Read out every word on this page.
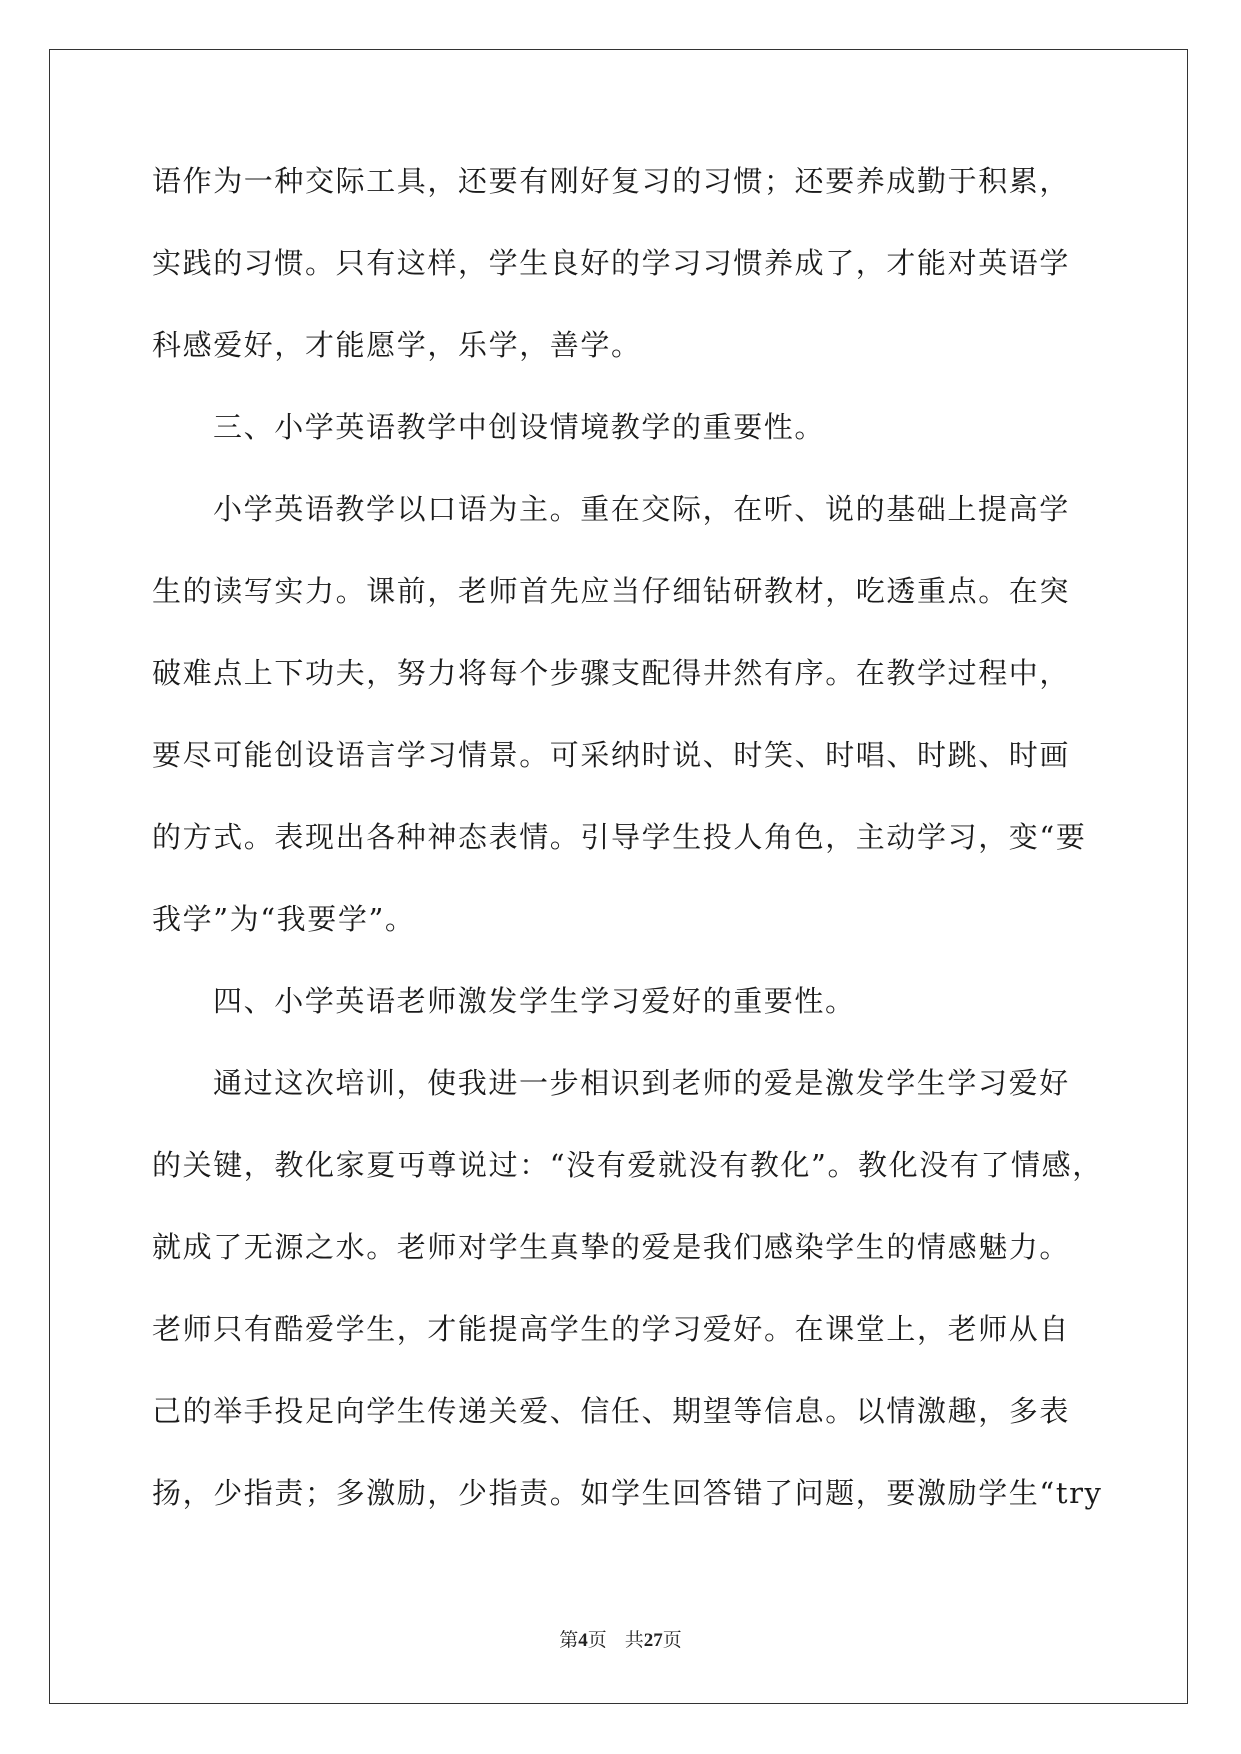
语作为一种交际工具，还要有刚好复习的习惯；还要养成勤于积累，
实践的习惯。只有这样，学生良好的学习习惯养成了，才能对英语学
科感爱好，才能愿学，乐学，善学。
三、小学英语教学中创设情境教学的重要性。
小学英语教学以口语为主。重在交际，在听、说的基础上提高学
生的读写实力。课前，老师首先应当仔细钻研教材，吃透重点。在突
破难点上下功夫，努力将每个步骤支配得井然有序。在教学过程中，
要尽可能创设语言学习情景。可采纳时说、时笑、时唱、时跳、时画
的方式。表现出各种神态表情。引导学生投人角色，主动学习，变“要
我学”为“我要学”。
四、小学英语老师激发学生学习爱好的重要性。
通过这次培训，使我进一步相识到老师的爱是激发学生学习爱好
的关键，教化家夏丏尊说过：“没有爱就没有教化”。教化没有了情感，
就成了无源之水。老师对学生真挚的爱是我们感染学生的情感魅力。
老师只有酷爱学生，才能提高学生的学习爱好。在课堂上，老师从自
己的举手投足向学生传递关爱、信任、期望等信息。以情激趣，多表
扬，少指责；多激励，少指责。如学生回答错了问题，要激励学生“try
第4页 共27页
